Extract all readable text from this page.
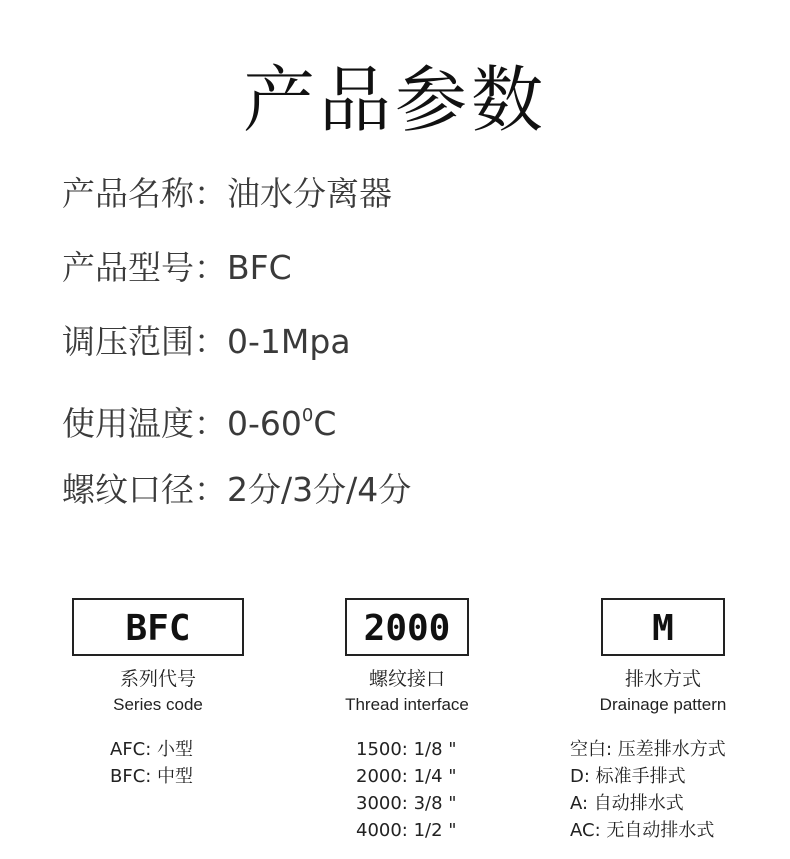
产品参数
产品名称：油水分离器
产品型号：BFC
调压范围：0-1Mpa
使用温度：$0-60^0C$
螺纹口径：2分/3分/4分
BFC
系列代号
Series code
AFC: 小型
BFC: 中型
2000
螺纹接口
Thread interface
1500: 1/8 "
2000: 1/4 "
3000: 3/8 "
4000: 1/2 "
M
排水方式
Drainage pattern
空白: 压差排水方式
D: 标准手排式
A: 自动排水式
AC: 无自动排水式
